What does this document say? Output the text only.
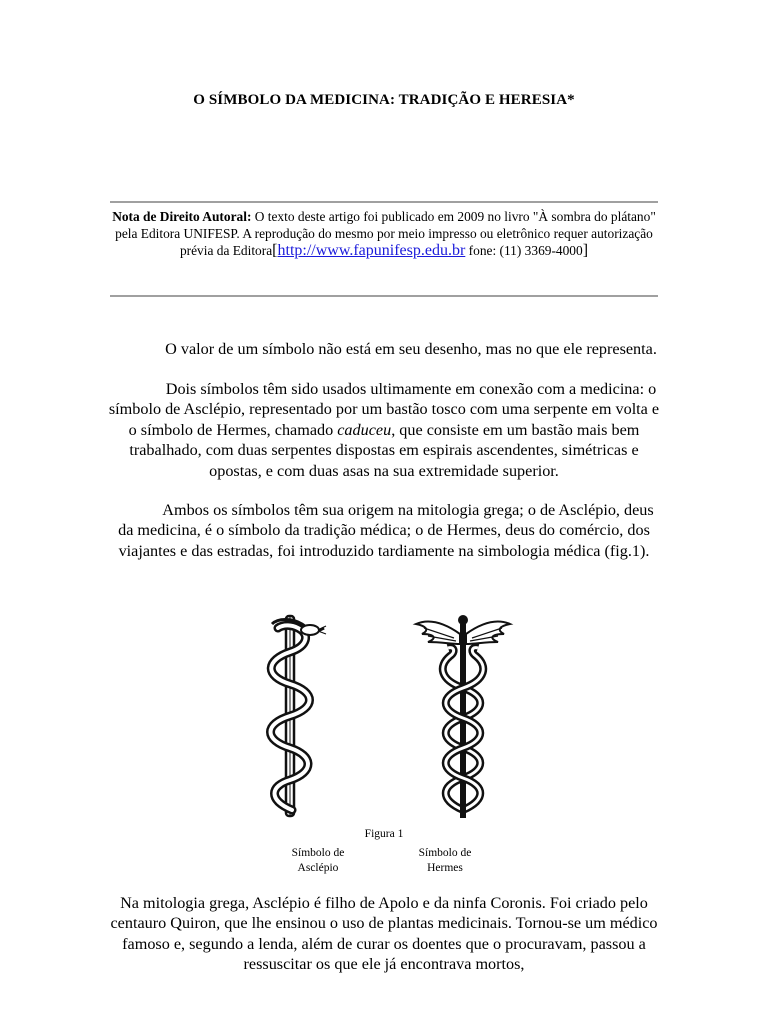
O SÍMBOLO DA MEDICINA: TRADIÇÃO E HERESIA*
Nota de Direito Autoral: O texto deste artigo foi publicado em 2009 no livro "À sombra do plátano" pela Editora UNIFESP. A reprodução do mesmo por meio impresso ou eletrônico requer autorização prévia da Editora[http://www.fapunifesp.edu.br fone: (11) 3369-4000]
O valor de um símbolo não está em seu desenho, mas no que ele representa.
Dois símbolos têm sido usados ultimamente em conexão com a medicina: o símbolo de Asclépio, representado por um bastão tosco com uma serpente em volta e o símbolo de Hermes, chamado caduceu, que consiste em um bastão mais bem trabalhado, com duas serpentes dispostas em espirais ascendentes, simétricas e opostas, e com duas asas na sua extremidade superior.
Ambos os símbolos têm sua origem na mitologia grega; o de Asclépio, deus da medicina, é o símbolo da tradição médica; o de Hermes, deus do comércio, dos viajantes e das estradas, foi introduzido tardiamente na simbologia médica (fig.1).
Figura 1
Símbolo de
Asclépio
Símbolo de
Hermes
Na mitologia grega, Asclépio é filho de Apolo e da ninfa Coronis. Foi criado pelo centauro Quiron, que lhe ensinou o uso de plantas medicinais. Tornou-se um médico famoso e, segundo a lenda, além de curar os doentes que o procuravam, passou a ressuscitar os que ele já encontrava mortos,
